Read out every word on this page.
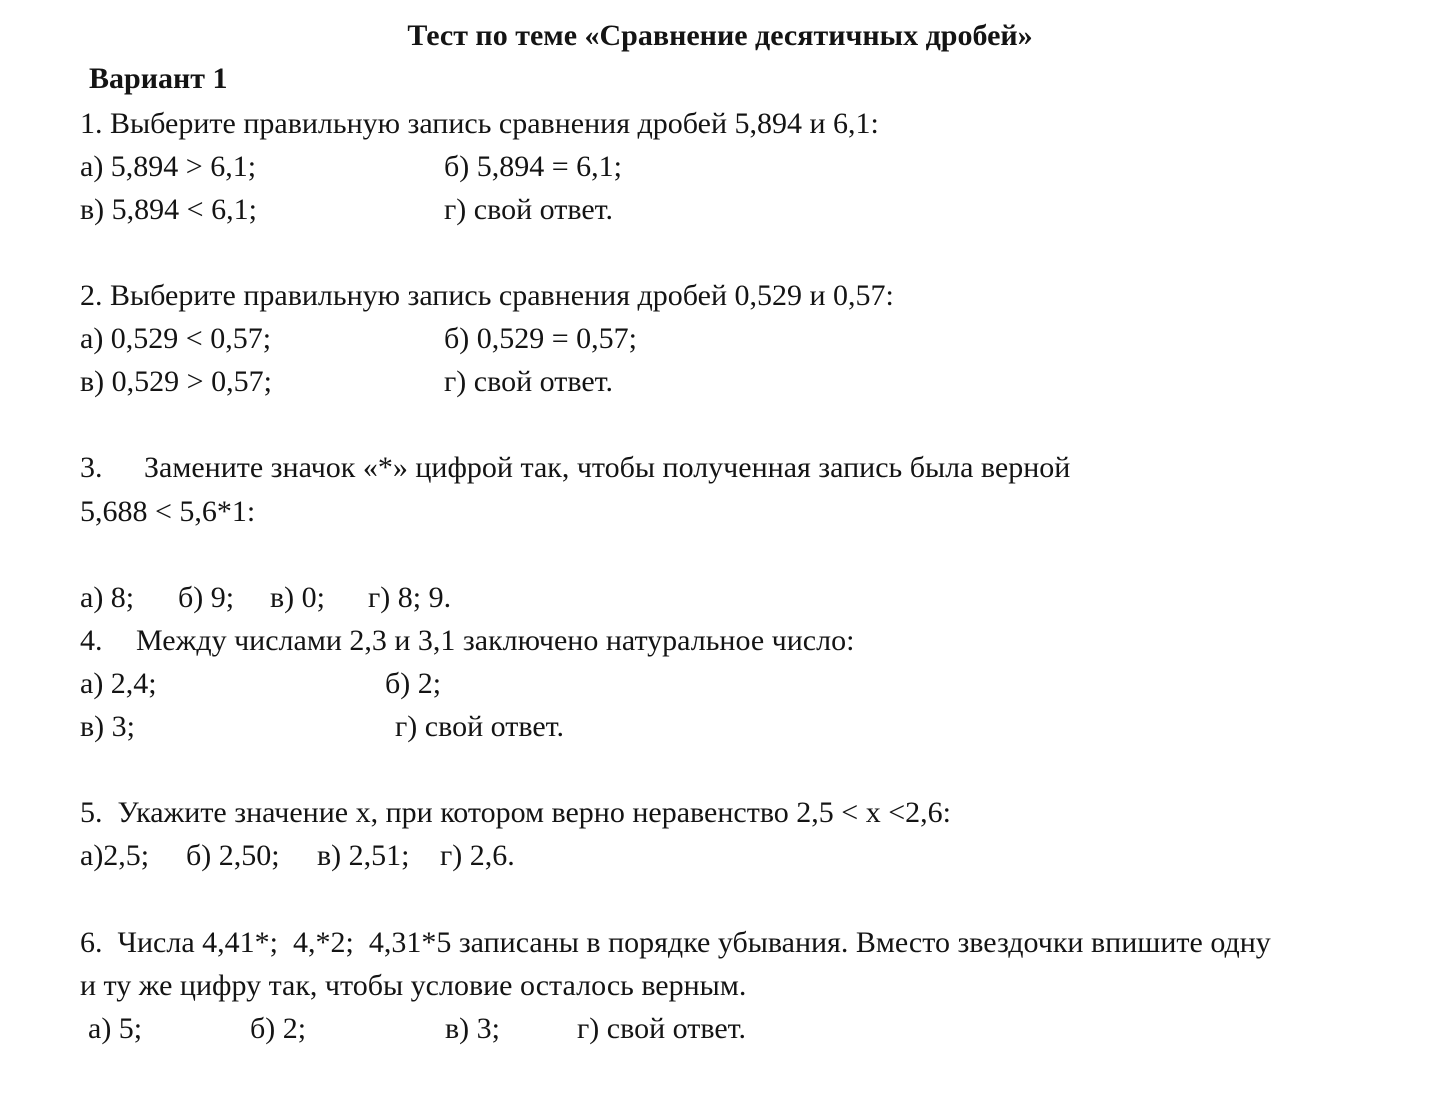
Тест по теме «Сравнение десятичных дробей»
Вариант 1
1. Выберите правильную запись сравнения дробей 5,894 и 6,1:
а) 5,894 > 6,1;	б) 5,894 = 6,1;
в) 5,894 < 6,1;	г) свой ответ.
2. Выберите правильную запись сравнения дробей 0,529 и 0,57:
а) 0,529 < 0,57;	б) 0,529 = 0,57;
в) 0,529 > 0,57;	г) свой ответ.
3. Замените значок «*» цифрой так, чтобы полученная запись была верной
5,688 < 5,6*1:
а) 8; б) 9; в) 0; г) 8; 9.
4. Между числами 2,3 и 3,1 заключено натуральное число:
а) 2,4;	б) 2;
в) 3;	г) свой ответ.
5.  Укажите значение х, при котором верно неравенство 2,5 < x <2,6:
а)2,5; б) 2,50; в) 2,51; г) 2,6.
6.  Числа 4,41*;  4,*2;  4,31*5 записаны в порядке убывания. Вместо звездочки впишите одну
и ту же цифру так, чтобы условие осталось верным.
а) 5;	б) 2;	в) 3;	г) свой ответ.
